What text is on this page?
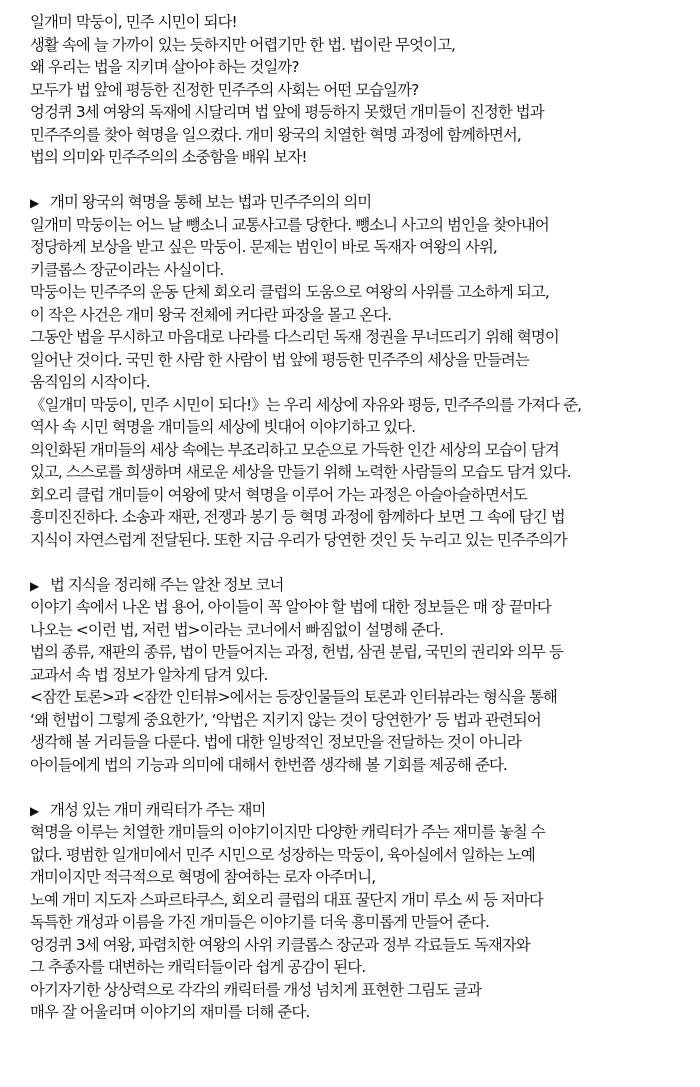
일개미 막둥이, 민주 시민이 되다!
생활 속에 늘 가까이 있는 듯하지만 어렵기만 한 법. 법이란 무엇이고,
왜 우리는 법을 지키며 살아야 하는 것일까?
모두가 법 앞에 평등한 진정한 민주주의 사회는 어떤 모습일까?
엉겅퀴 3세 여왕의 독재에 시달리며 법 앞에 평등하지 못했던 개미들이 진정한 법과
민주주의를 찾아 혁명을 일으켰다. 개미 왕국의 치열한 혁명 과정에 함께하면서,
법의 의미와 민주주의의 소중함을 배워 보자!
▶ 개미 왕국의 혁명을 통해 보는 법과 민주주의의 의미
일개미 막둥이는 어느 날 뺑소니 교통사고를 당한다. 뺑소니 사고의 범인을 찾아내어
정당하게 보상을 받고 싶은 막둥이. 문제는 범인이 바로 독재자 여왕의 사위,
키클롭스 장군이라는 사실이다.
막둥이는 민주주의 운동 단체 회오리 클럽의 도움으로 여왕의 사위를 고소하게 되고,
이 작은 사건은 개미 왕국 전체에 커다란 파장을 몰고 온다.
그동안 법을 무시하고 마음대로 나라를 다스리던 독재 정권을 무너뜨리기 위해 혁명이
일어난 것이다. 국민 한 사람 한 사람이 법 앞에 평등한 민주주의 세상을 만들려는
움직임의 시작이다.
《일개미 막둥이, 민주 시민이 되다!》는 우리 세상에 자유와 평등, 민주주의를 가져다 준,
역사 속 시민 혁명을 개미들의 세상에 빗대어 이야기하고 있다.
의인화된 개미들의 세상 속에는 부조리하고 모순으로 가득한 인간 세상의 모습이 담겨
있고, 스스로를 희생하며 새로운 세상을 만들기 위해 노력한 사람들의 모습도 담겨 있다.
회오리 클럽 개미들이 여왕에 맞서 혁명을 이루어 가는 과정은 아슬아슬하면서도
흥미진진하다. 소송과 재판, 전쟁과 봉기 등 혁명 과정에 함께하다 보면 그 속에 담긴 법
지식이 자연스럽게 전달된다. 또한 지금 우리가 당연한 것인 듯 누리고 있는 민주주의가
▶ 법 지식을 정리해 주는 알찬 정보 코너
이야기 속에서 나온 법 용어, 아이들이 꼭 알아야 할 법에 대한 정보들은 매 장 끝마다
나오는 <이런 법, 저런 법>이라는 코너에서 빠짐없이 설명해 준다.
법의 종류, 재판의 종류, 법이 만들어지는 과정, 헌법, 삼권 분립, 국민의 권리와 의무 등
교과서 속 법 정보가 알차게 담겨 있다.
<잠깐 토론>과 <잠깐 인터뷰>에서는 등장인물들의 토론과 인터뷰라는 형식을 통해
‘왜 헌법이 그렇게 중요한가’, ‘악법은 지키지 않는 것이 당연한가’ 등 법과 관련되어
생각해 볼 거리들을 다룬다. 법에 대한 일방적인 정보만을 전달하는 것이 아니라
아이들에게 법의 기능과 의미에 대해서 한번쯤 생각해 볼 기회를 제공해 준다.
▶ 개성 있는 개미 캐릭터가 주는 재미
혁명을 이루는 치열한 개미들의 이야기이지만 다양한 캐릭터가 주는 재미를 놓칠 수
없다. 평범한 일개미에서 민주 시민으로 성장하는 막둥이, 육아실에서 일하는 노예
개미이지만 적극적으로 혁명에 참여하는 로자 아주머니,
노예 개미 지도자 스파르타쿠스, 회오리 클럽의 대표 꿀단지 개미 루소 씨 등 저마다
독특한 개성과 이름을 가진 개미들은 이야기를 더욱 흥미롭게 만들어 준다.
엉겅퀴 3세 여왕, 파렴치한 여왕의 사위 키클롭스 장군과 정부 각료들도 독재자와
그 추종자를 대변하는 캐릭터들이라 쉽게 공감이 된다.
아기자기한 상상력으로 각각의 캐릭터를 개성 넘치게 표현한 그림도 글과
매우 잘 어울리며 이야기의 재미를 더해 준다.
